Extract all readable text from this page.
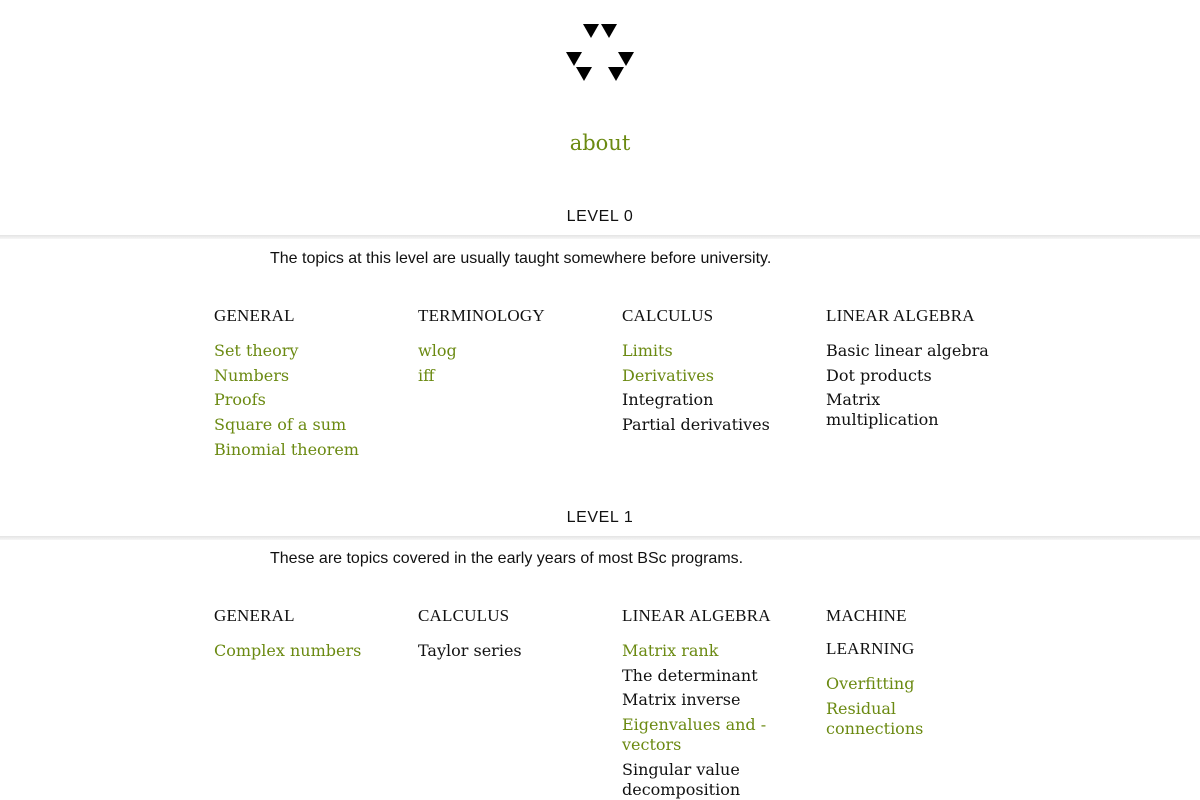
about
LEVEL 0
The topics at this level are usually taught somewhere before university.
GENERAL
Set theory
Numbers
Proofs
Square of a sum
Binomial theorem
TERMINOLOGY
wlog
iff
CALCULUS
Limits
Derivatives
Integration
Partial derivatives
LINEAR ALGEBRA
Basic linear algebra
Dot products
Matrix multiplication
LEVEL 1
These are topics covered in the early years of most BSc programs.
GENERAL
Complex numbers
CALCULUS
Taylor series
LINEAR ALGEBRA
Matrix rank
The determinant
Matrix inverse
Eigenvalues and -vectors
Singular value decomposition
MACHINE LEARNING
Overfitting
Residual connections
